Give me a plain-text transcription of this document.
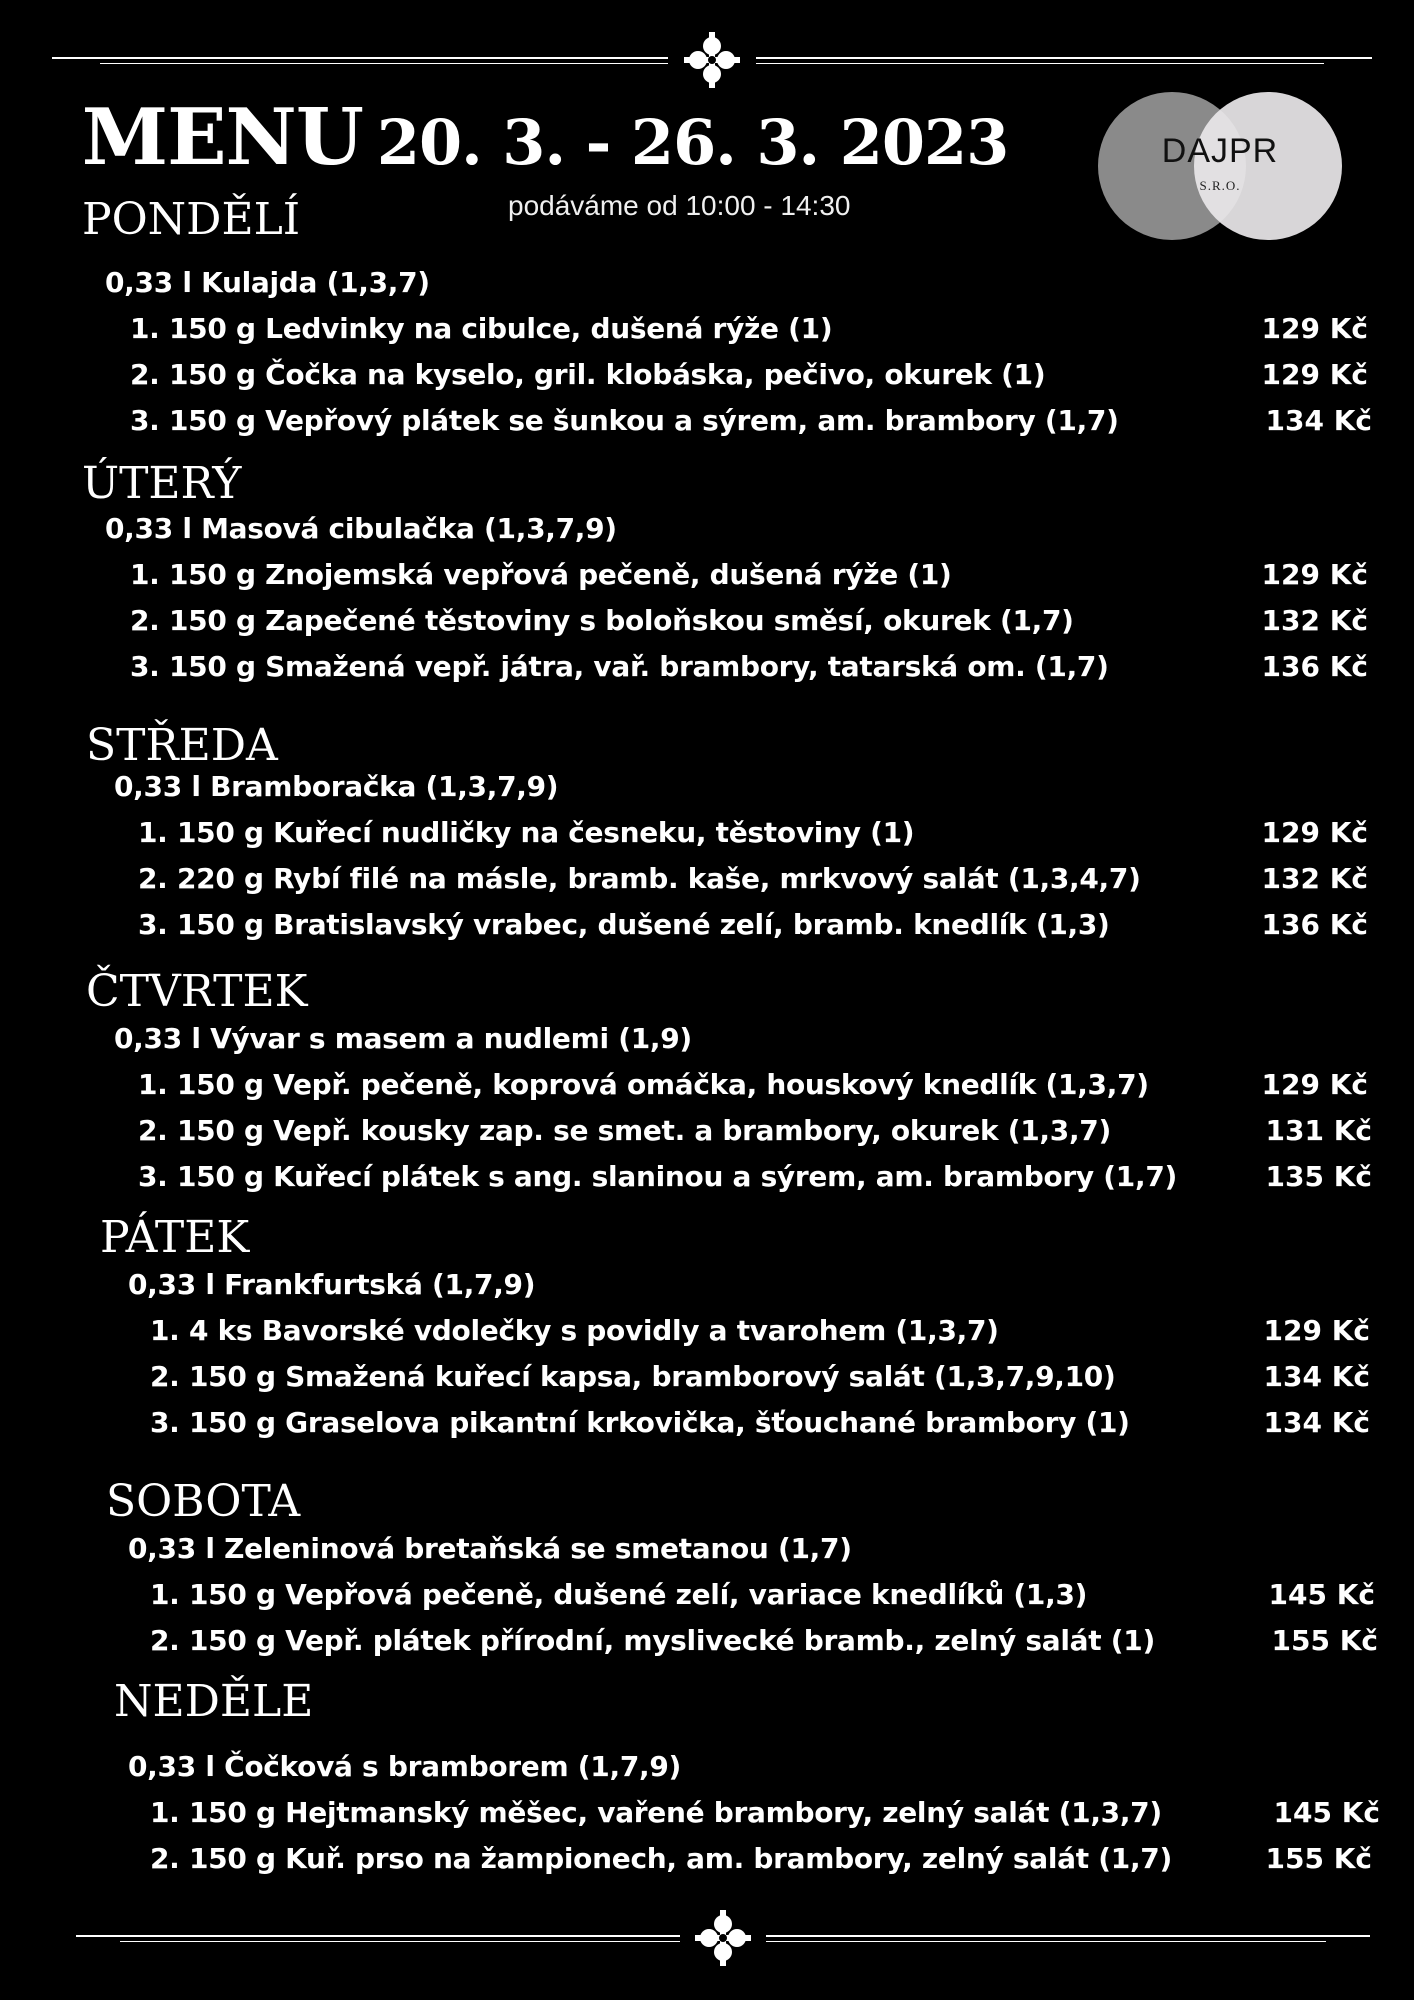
MENU 20. 3. - 26. 3. 2023
podáváme od 10:00 - 14:30
DAJPR
S.R.O.
PONDĚLÍ
0,33 l Kulajda (1,3,7)
1. 150 g Ledvinky na cibulce, dušená rýže (1)	129 Kč
2. 150 g Čočka na kyselo, gril. klobáska, pečivo, okurek (1)	129 Kč
3. 150 g Vepřový plátek se šunkou a sýrem, am. brambory (1,7)	134 Kč
ÚTERÝ
0,33 l Masová cibulačka (1,3,7,9)
1. 150 g Znojemská vepřová pečeně, dušená rýže (1)	129 Kč
2. 150 g Zapečené těstoviny s boloňskou směsí, okurek (1,7)	132 Kč
3. 150 g Smažená vepř. játra, vař. brambory, tatarská om. (1,7)	136 Kč
STŘEDA
0,33 l Bramboračka (1,3,7,9)
1. 150 g Kuřecí nudličky na česneku, těstoviny (1)	129 Kč
2. 220 g Rybí filé na másle, bramb. kaše, mrkvový salát (1,3,4,7)	132 Kč
3. 150 g Bratislavský vrabec, dušené zelí, bramb. knedlík (1,3)	136 Kč
ČTVRTEK
0,33 l Vývar s masem a nudlemi (1,9)
1. 150 g Vepř. pečeně, koprová omáčka, houskový knedlík (1,3,7)	129 Kč
2. 150 g Vepř. kousky zap. se smet. a brambory, okurek (1,3,7)	131 Kč
3. 150 g Kuřecí plátek s ang. slaninou a sýrem, am. brambory (1,7)	135 Kč
PÁTEK
0,33 l Frankfurtská (1,7,9)
1. 4 ks Bavorské vdolečky s povidly a tvarohem (1,3,7)	129 Kč
2. 150 g Smažená kuřecí kapsa, bramborový salát (1,3,7,9,10)	134 Kč
3. 150 g Graselova pikantní krkovička, šťouchané brambory (1)	134 Kč
SOBOTA
0,33 l Zeleninová bretaňská se smetanou (1,7)
1. 150 g Vepřová pečeně, dušené zelí, variace knedlíků (1,3)	145 Kč
2. 150 g Vepř. plátek přírodní, myslivecké bramb., zelný salát (1)	155 Kč
NEDĚLE
0,33 l Čočková s bramborem (1,7,9)
1. 150 g Hejtmanský měšec, vařené brambory, zelný salát (1,3,7)	145 Kč
2. 150 g Kuř. prso na žampionech, am. brambory, zelný salát (1,7)	155 Kč
